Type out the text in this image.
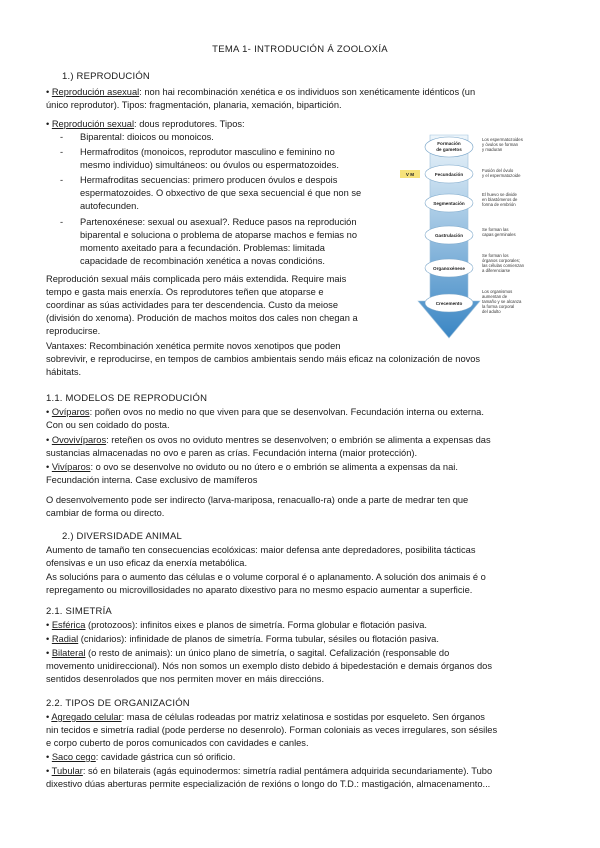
TEMA 1- INTRODUCIÓN Á ZOOLOXÍA
1.) REPRODUCIÓN
• Reprodución asexual: non hai recombinación xenética e os individuos son xenéticamente idénticos (un
único reprodutor). Tipos: fragmentación, planaria, xemación, bipartición.
• Reprodución sexual: dous reprodutores. Tipos:
- Biparental: dioicos ou monoicos.
- Hermafroditos (monoicos, reprodutor masculino e feminino no
mesmo individuo) simultáneos: ou óvulos ou espermatozoides.
- Hermafroditas secuencias: primero producen óvulos e despois
espermatozoides. O obxectivo de que sexa secuencial é que non se
autofecunden.
- Partenoxénese: sexual ou asexual?. Reduce pasos na reprodución
biparental e soluciona o problema de atoparse machos e femias no
momento axeitado para a fecundación. Problemas: limitada
capacidade de recombinación xenética a novas condicións.
Reprodución sexual máis complicada pero máis extendida. Require mais
tempo e gasta mais enerxía. Os reprodutores teñen que atoparse e
coordinar as súas actividades para ter descendencia. Custo da meiose
(división do xenoma). Produción de machos moitos dos cales non chegan a
reproducirse.
Vantaxes: Recombinación xenética permite novos xenotipos que poden
sobrevivir, e reproducirse, en tempos de cambios ambientais sendo máis eficaz na colonización de novos
hábitats.
Formación
de gametos
Fecundación
Segmentación
Gastrulación
Organoxénese
Crecemento
V M
Los espermatozoides
y óvulos se forman
y maduran
Fusión del óvulo
y el espermatozoide
El huevo se divide
en blastómeros de
forma de embrión
Se forman las
capas germinales
Se forman los
órganos corporales;
las células comienzan
a diferenciarse
Los organismos
aumentan de
tamaño y se alcanza
la forma corporal
del adulto
1.1. MODELOS DE REPRODUCIÓN
• Ovíparos: poñen ovos no medio no que viven para que se desenvolvan. Fecundación interna ou externa.
Con ou sen coidado do posta.
• Ovovivíparos: reteñen os ovos no oviduto mentres se desenvolven; o embrión se alimenta a expensas das
sustancias almacenadas no ovo e paren as crías. Fecundación interna (maior protección).
• Vivíparos: o ovo se desenvolve no oviduto ou no útero e o embrión se alimenta a expensas da nai.
Fecundación interna. Case exclusivo de mamíferos
O desenvolvemento pode ser indirecto (larva-mariposa, renacuallo-ra) onde a parte de medrar ten que
cambiar de forma ou directo.
2.) DIVERSIDADE ANIMAL
Aumento de tamaño ten consecuencias ecolóxicas: maior defensa ante depredadores, posibilita tácticas
ofensivas e un uso eficaz da enerxía metabólica.
As solucións para o aumento das células e o volume corporal é o aplanamento. A solución dos animais é o
repregamento ou microvillosidades no aparato dixestivo para no mesmo espacio aumentar a superficie.
2.1. SIMETRÍA
• Esférica (protozoos): infinitos eixes e planos de simetría. Forma globular e flotación pasiva.
• Radial (cnidarios): infinidade de planos de simetría. Forma tubular, sésiles ou flotación pasiva.
• Bilateral (o resto de animais): un único plano de simetría, o sagital. Cefalización (responsable do
movemento unidireccional). Nós non somos un exemplo disto debido á bipedestación e demais órganos dos
sentidos desenrolados que nos permiten mover en máis direccións.
2.2. TIPOS DE ORGANIZACIÓN
• Agregado celular: masa de células rodeadas por matriz xelatinosa e sostidas por esqueleto. Sen órganos
nin tecidos e simetría radial (pode perderse no desenrolo). Forman coloniais as veces irregulares, son sésiles
e corpo cuberto de poros comunicados con cavidades e canles.
• Saco cego: cavidade gástrica cun só orificio.
• Tubular: só en bilaterais (agás equinodermos: simetría radial pentámera adquirida secundariamente). Tubo
dixestivo dúas aberturas permite especialización de rexións o longo do T.D.: mastigación, almacenamento...
